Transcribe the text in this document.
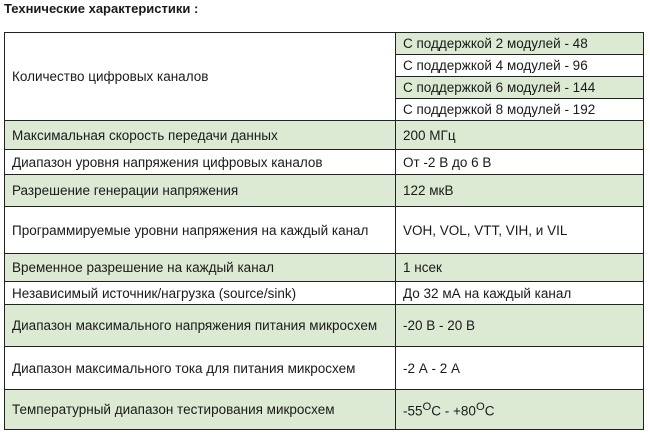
Технические характеристики :
Количество цифровых каналов	С поддержкой 2 модулей - 48
	С поддержкой 4 модулей - 96
	С поддержкой 6 модулей - 144
	С поддержкой 8 модулей - 192
Максимальная скорость передачи данных	200 МГц
Диапазон уровня напряжения цифровых каналов	От -2 В до 6 В
Разрешение генерации напряжения	122 мкВ
Программируемые уровни напряжения на каждый канал	VOH, VOL, VTT, VIH, и VIL
Временное разрешение на каждый канал	1 нсек
Независимый источник/нагрузка (source/sink)	До 32 мА на каждый канал
Диапазон максимального напряжения питания микросхем	-20 В - 20 В
Диапазон максимального тока для питания микросхем	-2 А - 2 А
Температурный диапазон тестирования микросхем	$-55^OС - +80^OС$
